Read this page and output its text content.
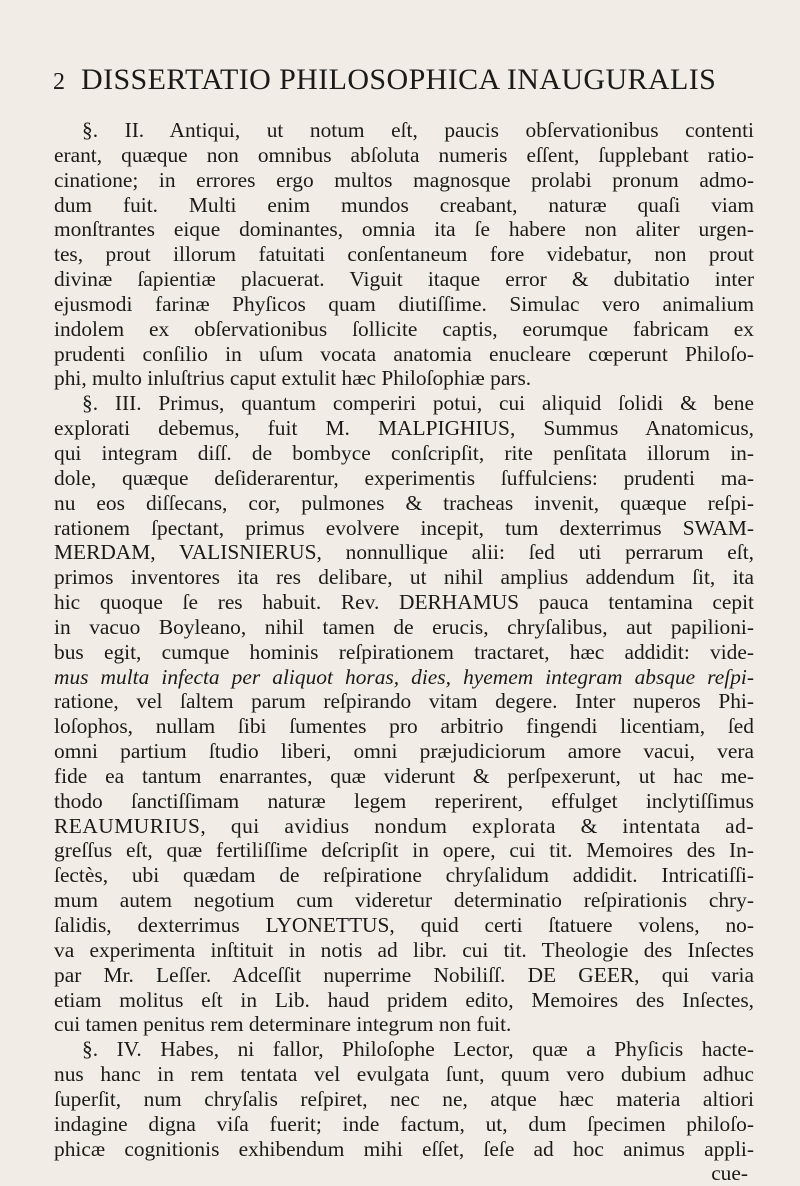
2 DISSERTATIO PHILOSOPHICA INAUGURALIS
§. II. Antiqui, ut notum eſt, paucis obſervationibus contenti
erant, quæque non omnibus abſoluta numeris eſſent, ſupplebant ratio-
cinatione; in errores ergo multos magnosque prolabi pronum admo-
dum fuit. Multi enim mundos creabant, naturæ quaſi viam
monſtrantes eique dominantes, omnia ita ſe habere non aliter urgen-
tes, prout illorum fatuitati conſentaneum fore videbatur, non prout
divinæ ſapientiæ placuerat. Viguit itaque error & dubitatio inter
ejusmodi farinæ Phyſicos quam diutiſſime. Simulac vero animalium
indolem ex obſervationibus ſollicite captis, eorumque fabricam ex
prudenti conſilio in uſum vocata anatomia enucleare cœperunt Philoſo-
phi, multo inluſtrius caput extulit hæc Philoſophiæ pars.
§. III. Primus, quantum comperiri potui, cui aliquid ſolidi & bene
explorati debemus, fuit M. MALPIGHIUS, Summus Anatomicus,
qui integram diſſ. de bombyce conſcripſit, rite penſitata illorum in-
dole, quæque deſiderarentur, experimentis ſuffulciens: prudenti ma-
nu eos diſſecans, cor, pulmones & tracheas invenit, quæque reſpi-
rationem ſpectant, primus evolvere incepit, tum dexterrimus SWAM-
MERDAM, VALISNIERUS, nonnullique alii: ſed uti perrarum eſt,
primos inventores ita res delibare, ut nihil amplius addendum ſit, ita
hic quoque ſe res habuit. Rev. DERHAMUS pauca tentamina cepit
in vacuo Boyleano, nihil tamen de erucis, chryſalibus, aut papilioni-
bus egit, cumque hominis reſpirationem tractaret, hæc addidit: vide-
mus multa infecta per aliquot horas, dies, hyemem integram absque reſpi-
ratione, vel ſaltem parum reſpirando vitam degere. Inter nuperos Phi-
loſophos, nullam ſibi ſumentes pro arbitrio fingendi licentiam, ſed
omni partium ſtudio liberi, omni præjudiciorum amore vacui, vera
fide ea tantum enarrantes, quæ viderunt & perſpexerunt, ut hac me-
thodo ſanctiſſimam naturæ legem reperirent, effulget inclytiſſimus
REAUMURIUS, qui avidius nondum explorata & intentata ad-
greſſus eſt, quæ fertiliſſime deſcripſit in opere, cui tit. Memoires des In-
ſectès, ubi quædam de reſpiratione chryſalidum addidit. Intricatiſſi-
mum autem negotium cum videretur determinatio reſpirationis chry-
ſalidis, dexterrimus LYONETTUS, quid certi ſtatuere volens, no-
va experimenta inſtituit in notis ad libr. cui tit. Theologie des Inſectes
par Mr. Leſſer. Adceſſit nuperrime Nobiliſſ. DE GEER, qui varia
etiam molitus eſt in Lib. haud pridem edito, Memoires des Inſectes,
cui tamen penitus rem determinare integrum non fuit.
§. IV. Habes, ni fallor, Philoſophe Lector, quæ a Phyſicis hacte-
nus hanc in rem tentata vel evulgata ſunt, quum vero dubium adhuc
ſuperſit, num chryſalis reſpiret, nec ne, atque hæc materia altiori
indagine digna viſa fuerit; inde factum, ut, dum ſpecimen philoſo-
phicæ cognitionis exhibendum mihi eſſet, ſeſe ad hoc animus appli-
cue-
